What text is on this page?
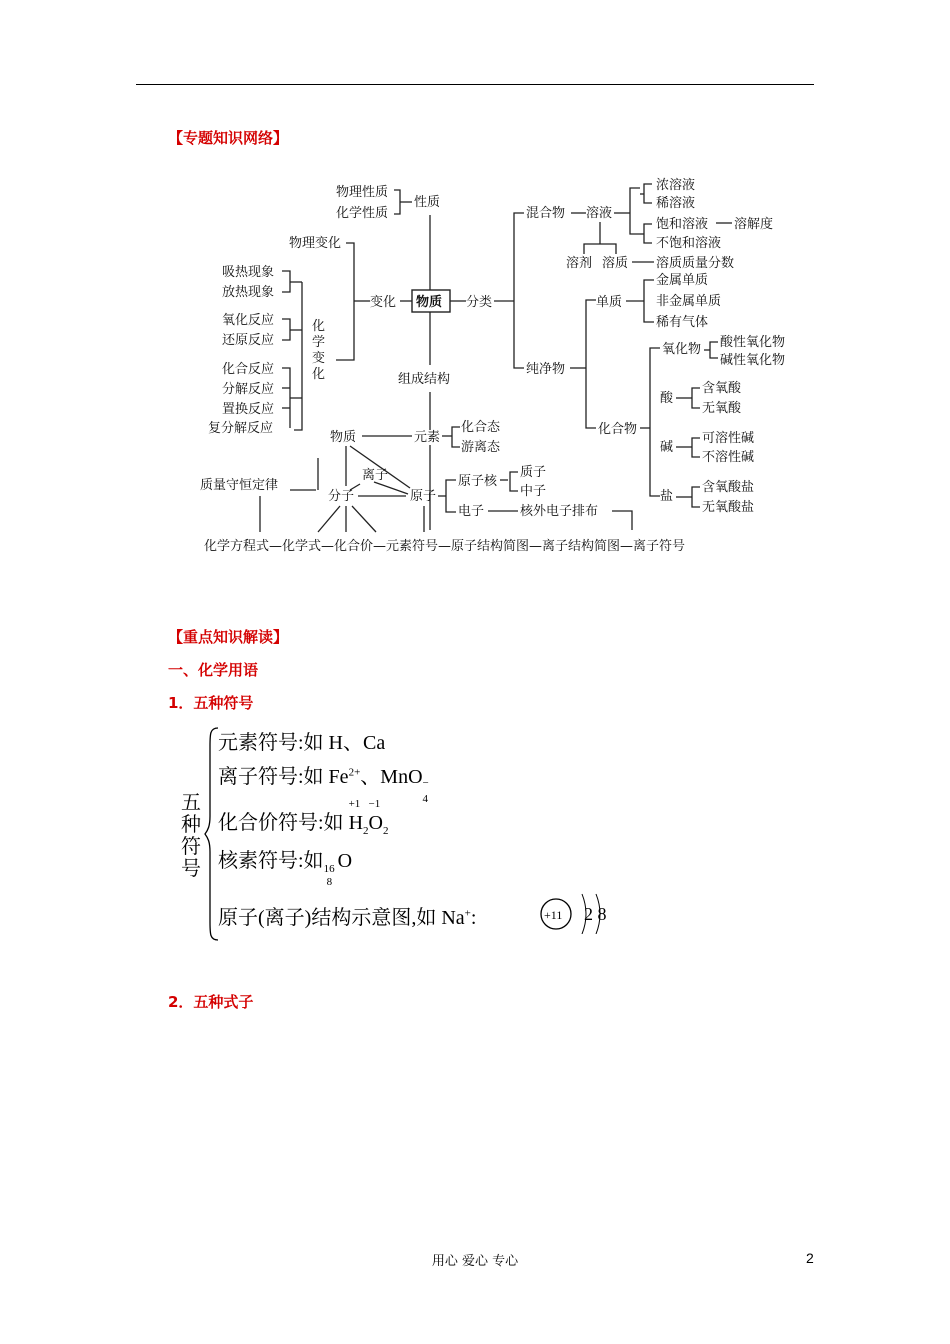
【专题知识网络】
物质
物理性质
化学性质
性质
物理变化
变化
化
学
变
化
吸热现象
放热现象
氧化反应
还原反应
化合反应
分解反应
置换反应
复分解反应
分类
混合物 溶液
浓溶液
稀溶液
饱和溶液
不饱和溶液
溶解度
溶剂 溶质 溶质质量分数
纯净物
单质
金属单质
非金属单质
稀有气体
化合物
氧化物 酸性氧化物
碱性氧化物
酸
含氧酸
无氧酸
碱
可溶性碱
不溶性碱
盐
含氧酸盐
无氧酸盐
组成结构
物质	元素
化合态
游离态
离子
分子	原子
原子核
质子
中子
电子	核外电子排布
质量守恒定律
化学方程式—化学式—化合价—元素符号—原子结构简图—离子结构简图—离子符号
【重点知识解读】
一、化学用语
1．五种符号
五
种
符
号
元素符号:如 H、Ca
离子符号:如 $Fe^{2+}$、MnO −
4
化合价符号:如
+1
$H_2$
−1
$O_2$
核素符号:如 16
8
O
原子(离子)结构示意图,如 Na+:	+11 2 8
2．五种式子
用心 爱心 专心	2
